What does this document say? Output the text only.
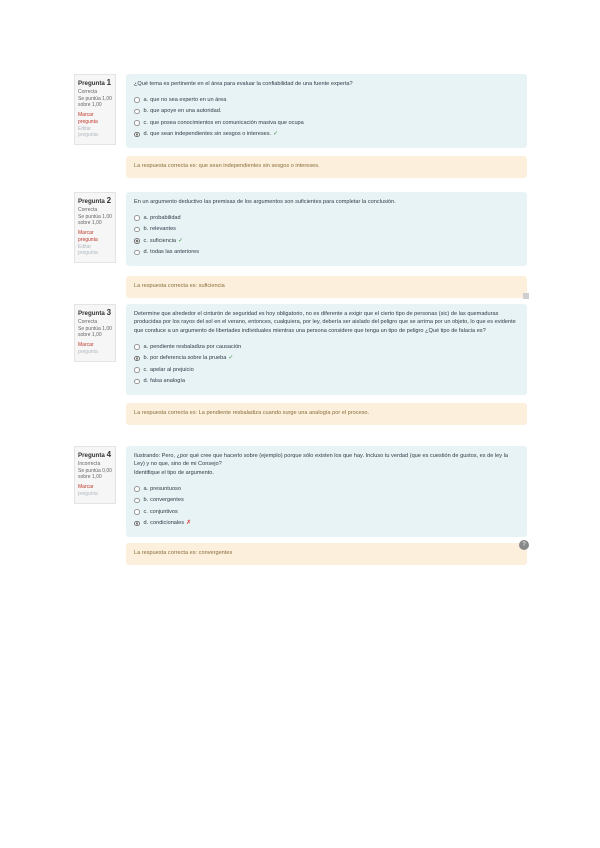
Pregunta 1
Correcta
Se puntúa 1,00 sobre 1,00
Marcar pregunta
Editar pregunta
¿Qué tema es pertinente en el área para evaluar la confiabilidad de una fuente experta?
a. que no sea experto en un área
b. que apoye en una autoridad.
c. que posea conocimientos en comunicación masiva que ocupa
d. que sean independientes sin sesgos o intereses. ✓
La respuesta correcta es: que sean independientes sin sesgos o intereses.
Pregunta 2
Correcta
Se puntúa 1,00 sobre 1,00
Marcar pregunta
Editar pregunta
En un argumento deductivo las premisas de los argumentos son suficientes para completar la conclusión.
a. probabilidad
b. relevantes
c. suficiencia ✓
d. todas las anteriores
La respuesta correcta es: suficiencia
Pregunta 3
Correcta
Se puntúa 1,00 sobre 1,00
Marcar
pregunta
Determine que alrededor el cinturón de seguridad es hoy obligatorio, no es diferente a exigir que el cierto tipo de personas (sic) de las quemaduras producidas por los rayos del sol en el verano, entonces, cualquiera, por ley, debería ser aislado del peligro que se arrima por un objeto, lo que es evidente que conduce a un argumento de libertades individuales mientras una persona considere que tenga un tipo de peligro ¿Qué tipo de falacia es?
a. pendiente resbaladiza por causación
b. por deferencia sobre la prueba ✓
c. apelar al prejuicio
d. falsa analogía
La respuesta correcta es: La pendiente resbaladiza cuando surge una analogía por el proceso.
Pregunta 4
Incorrecta
Se puntúa 0,00 sobre 1,00
Marcar
pregunta
Ilustrando: Pero, ¿por qué cree que hacerlo sobre (ejemplo) porque sólo existen los que hay. Incluso tu verdad (que es cuestión de gustos, es de ley la Ley) y no que, sino de mi Consejo?
Identifique el tipo de argumento.
a. presuntuoso
b. convergentes
c. conjuntivos
d. condicionales ✗
La respuesta correcta es: convergentes
?
